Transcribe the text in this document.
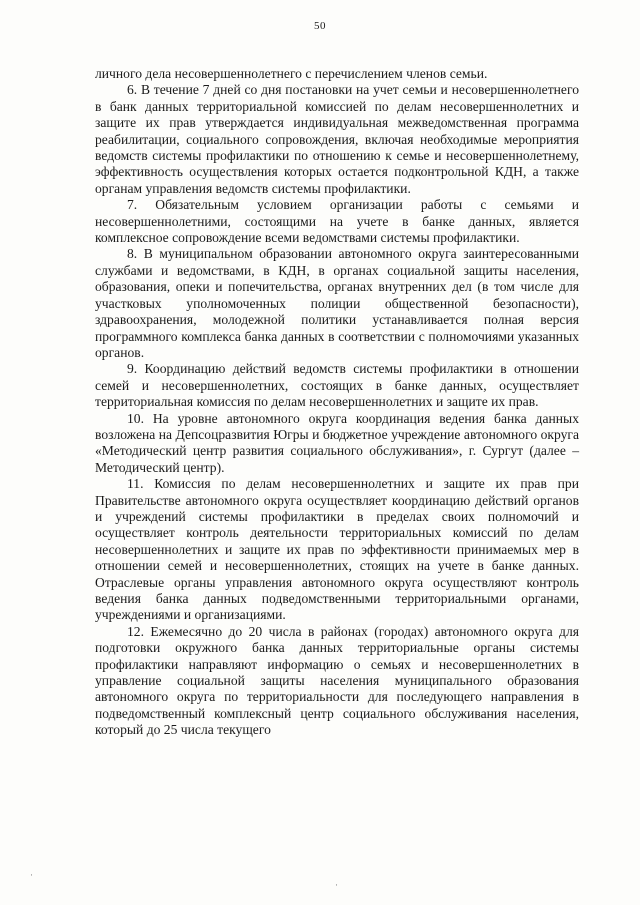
50

личного дела несовершеннолетнего с перечислением членов семьи.

6. В течение 7 дней со дня постановки на учет семьи и несовершеннолетнего в банк данных территориальной комиссией по делам несовершеннолетних и защите их прав утверждается индивидуальная межведомственная программа реабилитации, социального сопровождения, включая необходимые мероприятия ведомств системы профилактики по отношению к семье и несовершеннолетнему, эффективность осуществления которых остается подконтрольной КДН, а также органам управления ведомств системы профилактики.

7. Обязательным условием организации работы с семьями и несовершеннолетними, состоящими на учете в банке данных, является комплексное сопровождение всеми ведомствами системы профилактики.

8. В муниципальном образовании автономного округа заинтересованными службами и ведомствами, в КДН, в органах социальной защиты населения, образования, опеки и попечительства, органах внутренних дел (в том числе для участковых уполномоченных полиции общественной безопасности), здравоохранения, молодежной политики устанавливается полная версия программного комплекса банка данных в соответствии с полномочиями указанных органов.

9. Координацию действий ведомств системы профилактики в отношении семей и несовершеннолетних, состоящих в банке данных, осуществляет территориальная комиссия по делам несовершеннолетних и защите их прав.

10. На уровне автономного округа координация ведения банка данных возложена на Депсоцразвития Югры и бюджетное учреждение автономного округа «Методический центр развития социального обслуживания», г. Сургут (далее – Методический центр).

11. Комиссия по делам несовершеннолетних и защите их прав при Правительстве автономного округа осуществляет координацию действий органов и учреждений системы профилактики в пределах своих полномочий и осуществляет контроль деятельности территориальных комиссий по делам несовершеннолетних и защите их прав по эффективности принимаемых мер в отношении семей и несовершеннолетних, стоящих на учете в банке данных. Отраслевые органы управления автономного округа осуществляют контроль ведения банка данных подведомственными территориальными органами, учреждениями и организациями.

12. Ежемесячно до 20 числа в районах (городах) автономного округа для подготовки окружного банка данных территориальные органы системы профилактики направляют информацию о семьях и несовершеннолетних в управление социальной защиты населения муниципального образования автономного округа по территориальности для последующего направления в подведомственный комплексный центр социального обслуживания населения, который до 25 числа текущего

·
·
